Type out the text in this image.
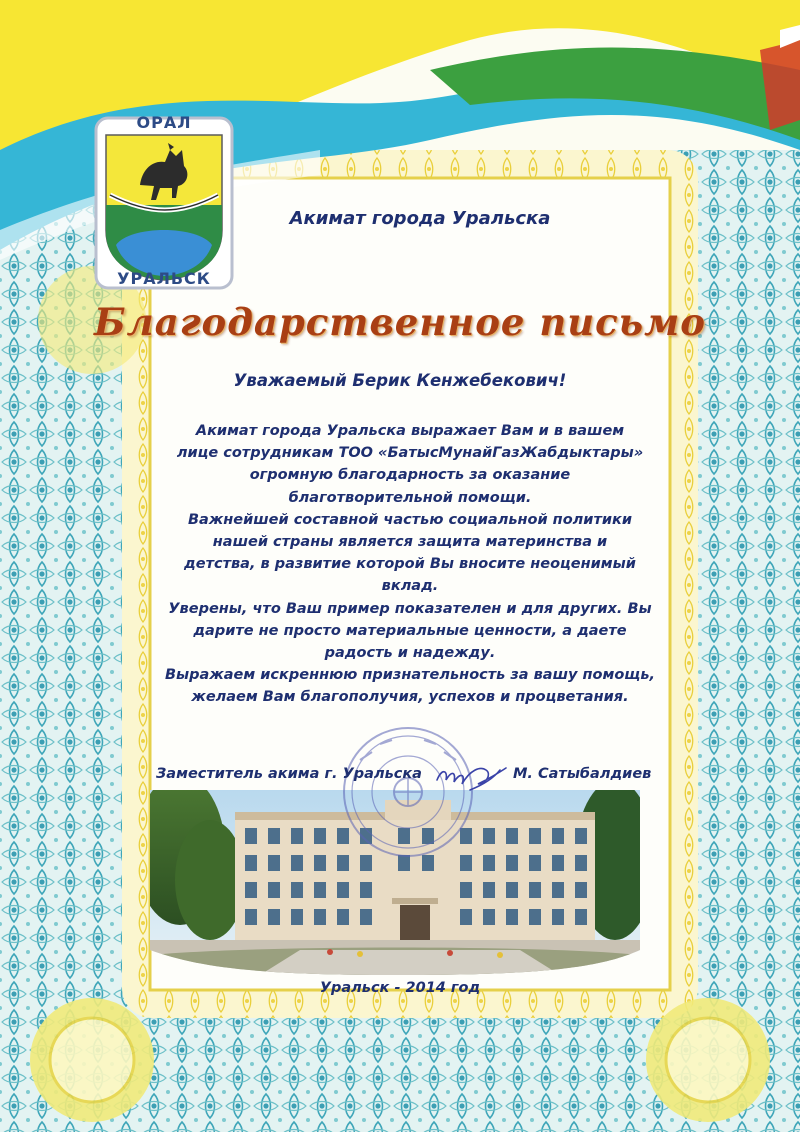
ОРАЛ
УРАЛЬСК
Акимат города Уральска
Благодарственное письмо
Уважаемый Берик Кенжебекович!
Акимат города Уральска выражает Вам и в вашем
лице сотрудникам ТОО «БатысМунайГазЖабдыктары»
огромную благодарность за оказание
благотворительной помощи.
Важнейшей составной частью социальной политики
нашей страны является защита материнства и
детства, в развитие которой Вы вносите неоценимый
вклад.
Уверены, что Ваш пример показателен и для других. Вы
дарите не просто материальные ценности, а даете
радость и надежду.
Выражаем искреннюю признательность за вашу помощь,
желаем Вам благополучия, успехов и процветания.
Заместитель акима г. Уральска	М. Сатыбалдиев
Уральск - 2014 год
